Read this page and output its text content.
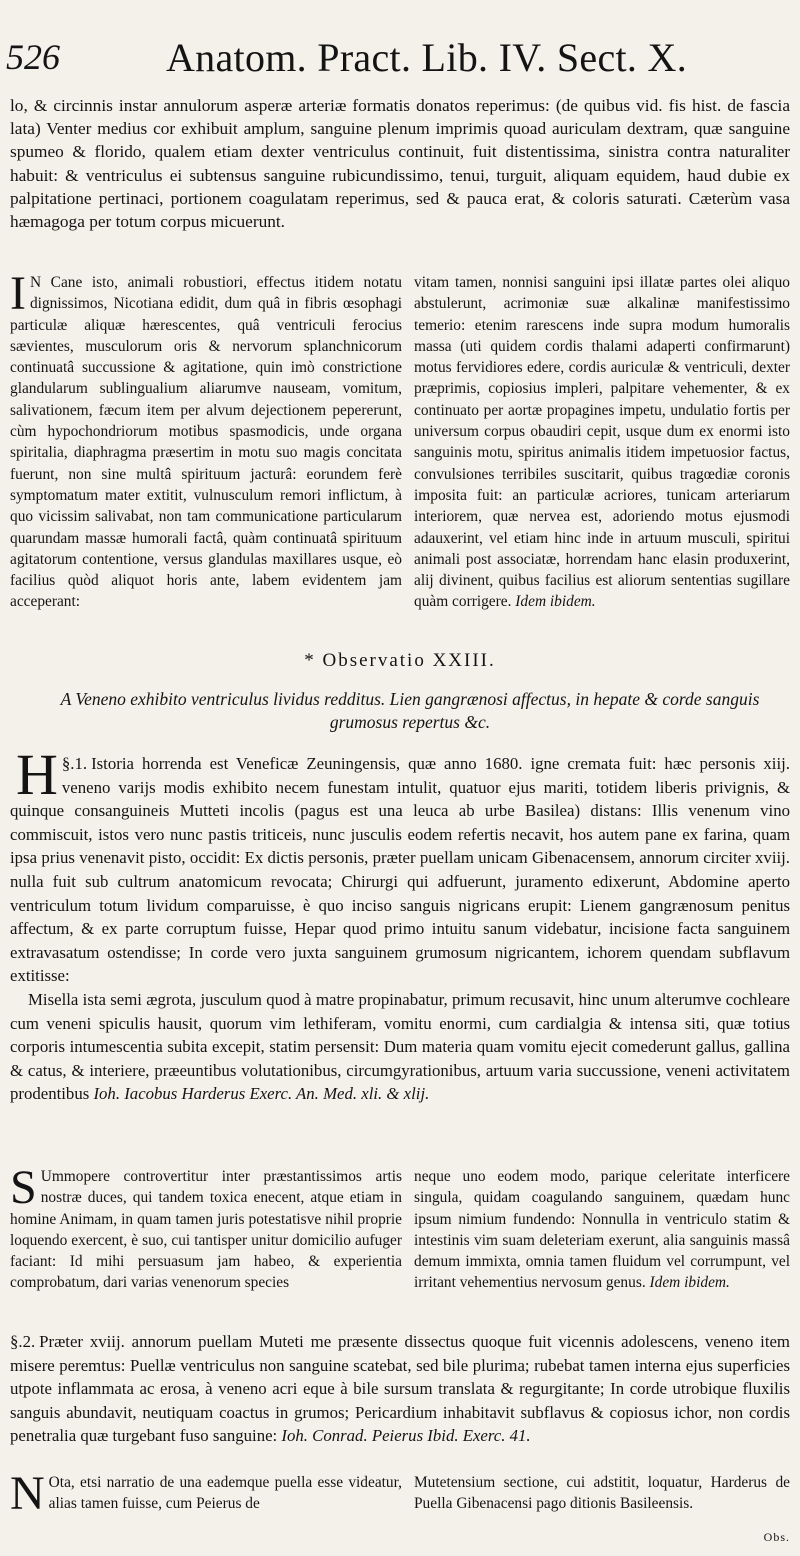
526	Anatom. Pract. Lib. IV. Sect. X.

lo, & circinnis instar annulorum asperæ arteriæ formatis donatos reperimus: (de quibus vid. fis hist. de fascia lata) Venter medius cor exhibuit amplum, sanguine plenum imprimis quoad auriculam dextram, quæ sanguine spumeo & florido, qualem etiam dexter ventriculus continuit, fuit distentissima, sinistra contra naturaliter habuit: & ventriculus ei subtensus sanguine rubicundissimo, tenui, turguit, aliquam equidem, haud dubie ex palpitatione pertinaci, portionem coagulatam reperimus, sed & pauca erat, & coloris saturati. Cæterùm vasa hæmagoga per totum corpus micuerunt.

I N Cane isto, animali robustiori, effectus itidem notatu dignissimos, Nicotiana edidit, dum quâ in fibris œsophagi particulæ aliquæ hærescentes, quâ ventriculi ferocius sævientes, musculorum oris & nervorum splanchnicorum continuatâ succussione & agitatione, quin imò constrictione glandularum sublingualium aliarumve nauseam, vomitum, salivationem, fæcum item per alvum dejectionem pepererunt, cùm hypochondriorum motibus spasmodicis, unde organa spiritalia, diaphragma præsertim in motu suo magis concitata fuerunt, non sine multâ spirituum jacturâ: eorundem ferè symptomatum mater extitit, vulnusculum remori inflictum, à quo vicissim salivabat, non tam communicatione particularum quarundam massæ humorali factâ, quàm continuatâ spirituum agitatorum contentione, versus glandulas maxillares usque, eò facilius quòd aliquot horis ante, labem evidentem jam acceperant:
vitam tamen, nonnisi sanguini ipsi illatæ partes olei aliquo abstulerunt, acrimoniæ suæ alkalinæ manifestissimo temerio: etenim rarescens inde supra modum humoralis massa (uti quidem cordis thalami adaperti confirmarunt) motus fervidiores edere, cordis auriculæ & ventriculi, dexter præprimis, copiosius impleri, palpitare vehementer, & ex continuato per aortæ propagines impetu, undulatio fortis per universum corpus obaudiri cepit, usque dum ex enormi isto sanguinis motu, spiritus animalis itidem impetuosior factus, convulsiones terribiles suscitarit, quibus tragœdiæ coronis imposita fuit: an particulæ acriores, tunicam arteriarum interiorem, quæ nervea est, adoriendo motus ejusmodi adauxerint, vel etiam hinc inde in artuum musculi, spiritui animali post associatæ, horrendam hanc elasin produxerint, alij divinent, quibus facilius est aliorum sententias sugillare quàm corrigere. Idem ibidem.
* Observatio XXIII.
A Veneno exhibito ventriculus lividus redditus. Lien gangrænosi affectus, in hepate & corde sanguis grumosus repertus &c.
§.1.
H Istoria horrenda est Veneficæ Zeuningensis, quæ anno 1680. igne cremata fuit: hæc personis xiij. veneno varijs modis exhibito necem funestam intulit, quatuor ejus mariti, totidem liberis privignis, & quinque consanguineis Mutteti incolis (pagus est una leuca ab urbe Basilea) distans: Illis venenum vino commiscuit, istos vero nunc pastis triticeis, nunc jusculis eodem refertis necavit, hos autem pane ex farina, quam ipsa prius venenavit pisto, occidit: Ex dictis personis, præter puellam unicam Gibenacensem, annorum circiter xviij. nulla fuit sub cultrum anatomicum revocata; Chirurgi qui adfuerunt, juramento edixerunt, Abdomine aperto ventriculum totum lividum comparuisse, è quo inciso sanguis nigricans erupit: Lienem gangrænosum penitus affectum, & ex parte corruptum fuisse, Hepar quod primo intuitu sanum videbatur, incisione facta sanguinem extravasatum ostendisse; In corde vero juxta sanguinem grumosum nigricantem, ichorem quendam subflavum extitisse:

Misella ista semi ægrota, jusculum quod à matre propinabatur, primum recusavit, hinc unum alterumve cochleare cum veneni spiculis hausit, quorum vim lethiferam, vomitu enormi, cum cardialgia & intensa siti, quæ totius corporis intumescentia subita excepit, statim persensit: Dum materia quam vomitu ejecit comederunt gallus, gallina & catus, & interiere, præeuntibus volutationibus, circumgyrationibus, artuum varia succussione, veneni activitatem prodentibus Ioh. Iacobus Harderus Exerc. An. Med. xli. & xlij.

S Ummopere controvertitur inter præstantissimos artis nostræ duces, qui tandem toxica enecent, atque etiam in homine Animam, in quam tamen juris potestatisve nihil proprie loquendo exercent, è suo, cui tantisper unitur domicilio aufuger faciant: Id mihi persuasum jam habeo, & experientia comprobatum, dari varias venenorum species
neque uno eodem modo, parique celeritate interficere singula, quidam coagulando sanguinem, quædam hunc ipsum nimium fundendo: Nonnulla in ventriculo statim & intestinis vim suam deleteriam exerunt, alia sanguinis massâ demum immixta, omnia tamen fluidum vel corrumpunt, vel irritant vehementius nervosum genus. Idem ibidem.
§.2. Præter xviij. annorum puellam Muteti me præsente dissectus quoque fuit vicennis adolescens, veneno item misere peremtus: Puellæ ventriculus non sanguine scatebat, sed bile plurima; rubebat tamen interna ejus superficies utpote inflammata ac erosa, à veneno acri eque à bile sursum translata & regurgitante; In corde utrobique fluxilis sanguis abundavit, neutiquam coactus in grumos; Pericardium inhabitavit subflavus & copiosus ichor, non cordis penetralia quæ turgebant fuso sanguine: Ioh. Conrad. Peierus Ibid. Exerc. 41.
N Ota, etsi narratio de una eademque puella esse videatur, alias tamen fuisse, cum Peierus de
Mutetensium sectione, cui adstitit, loquatur, Harderus de Puella Gibenacensi pago ditionis Basileensis.
Obs.
